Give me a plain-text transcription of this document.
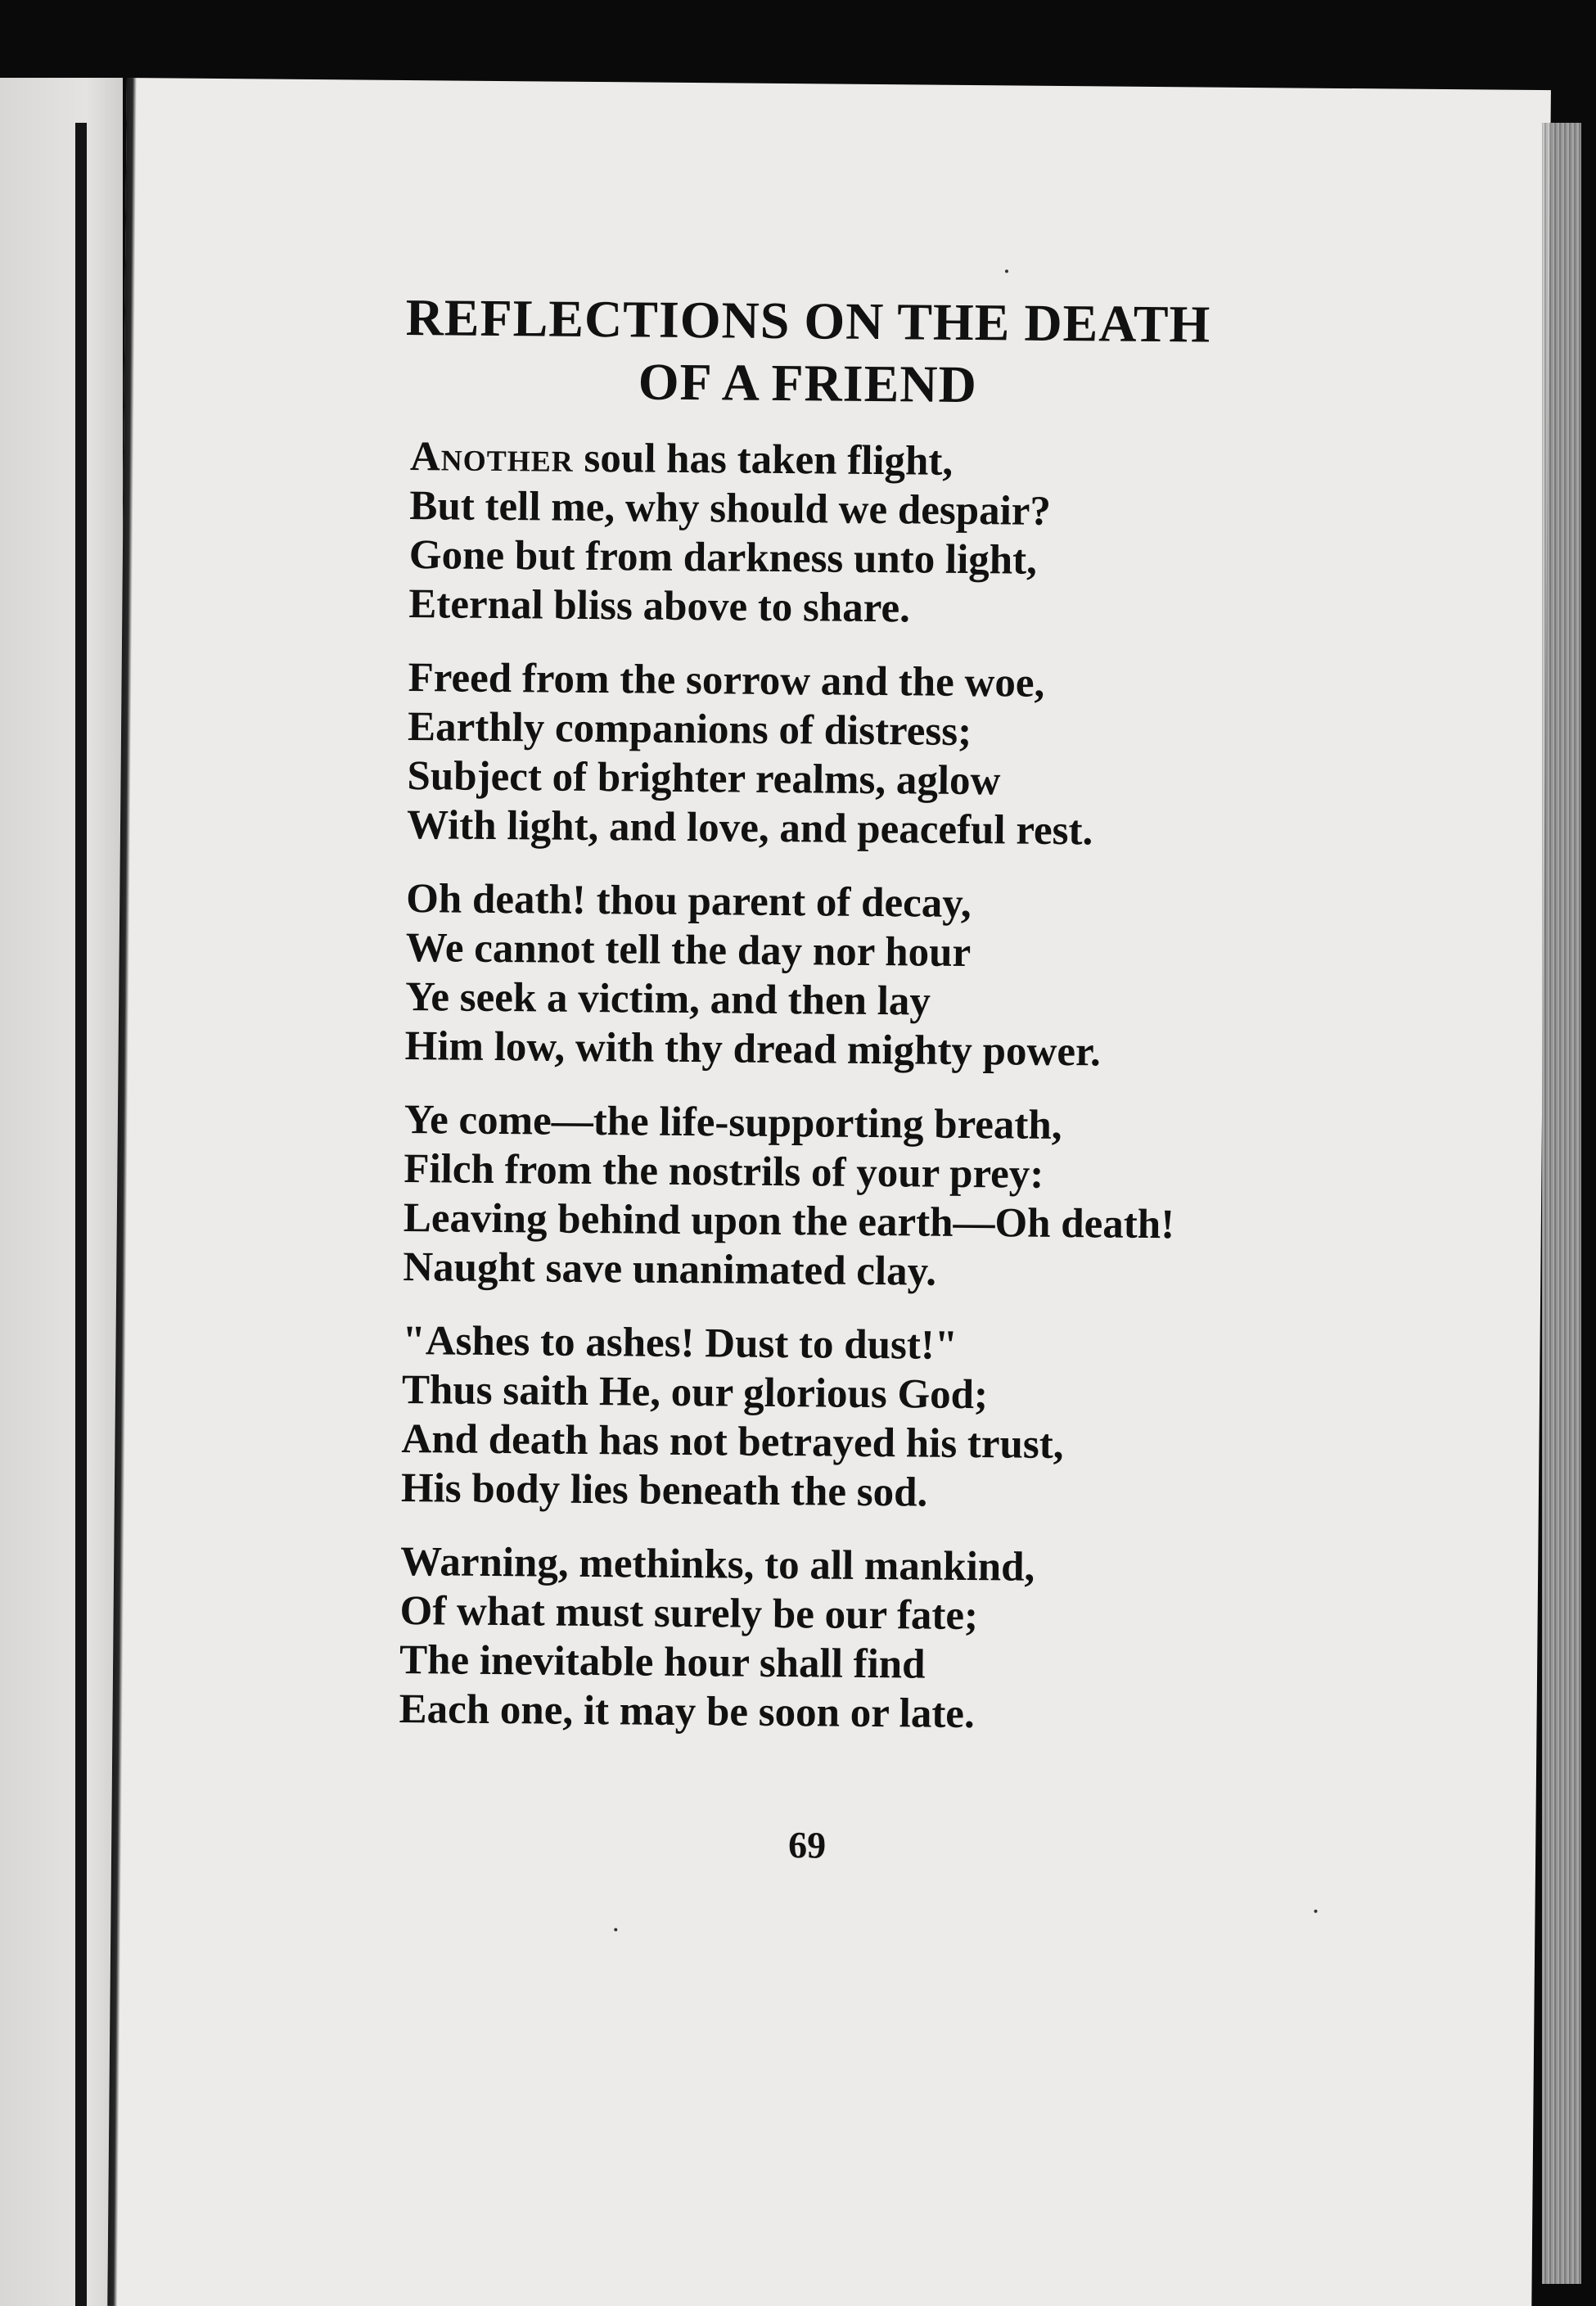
REFLECTIONS ON THE DEATH
OF A FRIEND
Another soul has taken flight,
But tell me, why should we despair?
Gone but from darkness unto light,
Eternal bliss above to share.
Freed from the sorrow and the woe,
Earthly companions of distress;
Subject of brighter realms, aglow
With light, and love, and peaceful rest.
Oh death! thou parent of decay,
We cannot tell the day nor hour
Ye seek a victim, and then lay
Him low, with thy dread mighty power.
Ye come—the life-supporting breath,
Filch from the nostrils of your prey:
Leaving behind upon the earth—Oh death!
Naught save unanimated clay.
"Ashes to ashes! Dust to dust!"
Thus saith He, our glorious God;
And death has not betrayed his trust,
His body lies beneath the sod.
Warning, methinks, to all mankind,
Of what must surely be our fate;
The inevitable hour shall find
Each one, it may be soon or late.
69
